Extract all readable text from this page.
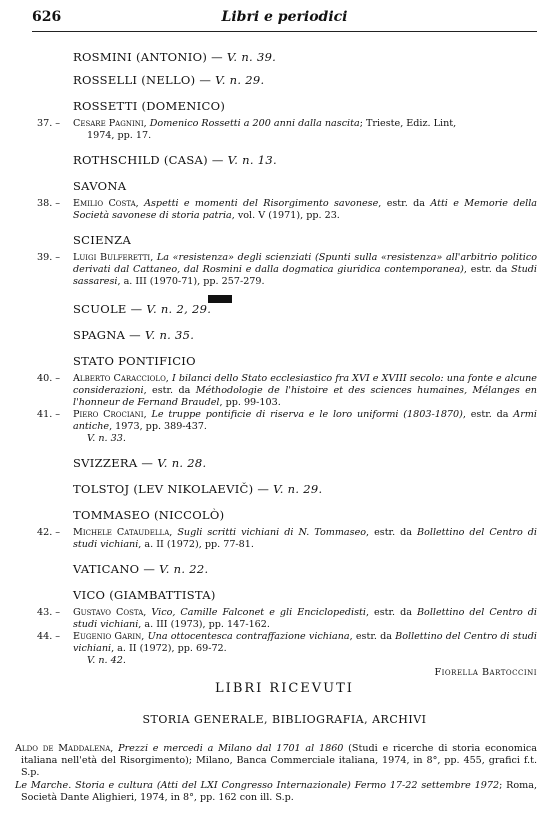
626	Libri e periodici
ROSMINI (ANTONIO) — V. n. 39.
ROSSELLI (NELLO) — V. n. 29.
ROSSETTI (DOMENICO)
37. – Cesare Pagnini, Domenico Rossetti a 200 anni dalla nascita; Trieste, Ediz. Lint,
1974, pp. 17.
ROTHSCHILD (CASA) — V. n. 13.
SAVONA
38. – Emilio Costa, Aspetti e momenti del Risorgimento savonese, estr. da Atti e Memorie della Società savonese di storia patria, vol. V (1971), pp. 23.
SCIENZA
39. – Luigi Bulferetti, La «resistenza» degli scienziati (Spunti sulla «resistenza» all'arbitrio politico derivati dal Cattaneo, dal Rosmini e dalla dogmatica giuridica contemporanea), estr. da Studi sassaresi, a. III (1970-71), pp. 257-279.
SCUOLE — V. n. 2, 29.
SPAGNA — V. n. 35.
STATO PONTIFICIO
40. – Alberto Caracciolo, I bilanci dello Stato ecclesiastico fra XVI e XVIII secolo: una fonte e alcune considerazioni, estr. da Méthodologie de l'histoire et des sciences humaines, Mélanges en l'honneur de Fernand Braudel, pp. 99-103.
41. – Piero Crociani, Le truppe pontificie di riserva e le loro uniformi (1803-1870), estr. da Armi antiche, 1973, pp. 389-437.
V. n. 33.
SVIZZERA — V. n. 28.
TOLSTOJ (LEV NIKOLAEVIČ) — V. n. 29.
TOMMASEO (NICCOLÒ)
42. – Michele Cataudella, Sugli scritti vichiani di N. Tommaseo, estr. da Bollettino del Centro di studi vichiani, a. II (1972), pp. 77-81.
VATICANO — V. n. 22.
VICO (GIAMBATTISTA)
43. – Gustavo Costa, Vico, Camille Falconet e gli Enciclopedisti, estr. da Bollettino del Centro di studi vichiani, a. III (1973), pp. 147-162.
44. – Eugenio Garin, Una ottocentesca contraffazione vichiana, estr. da Bollettino del Centro di studi vichiani, a. II (1972), pp. 69-72.
V. n. 42.
Fiorella Bartoccini
LIBRI RICEVUTI
STORIA GENERALE, BIBLIOGRAFIA, ARCHIVI
Aldo de Maddalena, Prezzi e mercedi a Milano dal 1701 al 1860 (Studi e ricerche di storia economica italiana nell'età del Risorgimento); Milano, Banca Commerciale italiana, 1974, in 8°, pp. 455, grafici f.t. S.p.
Le Marche. Storia e cultura (Atti del LXI Congresso Internazionale) Fermo 17-22 settembre 1972; Roma, Società Dante Alighieri, 1974, in 8°, pp. 162 con ill. S.p.
